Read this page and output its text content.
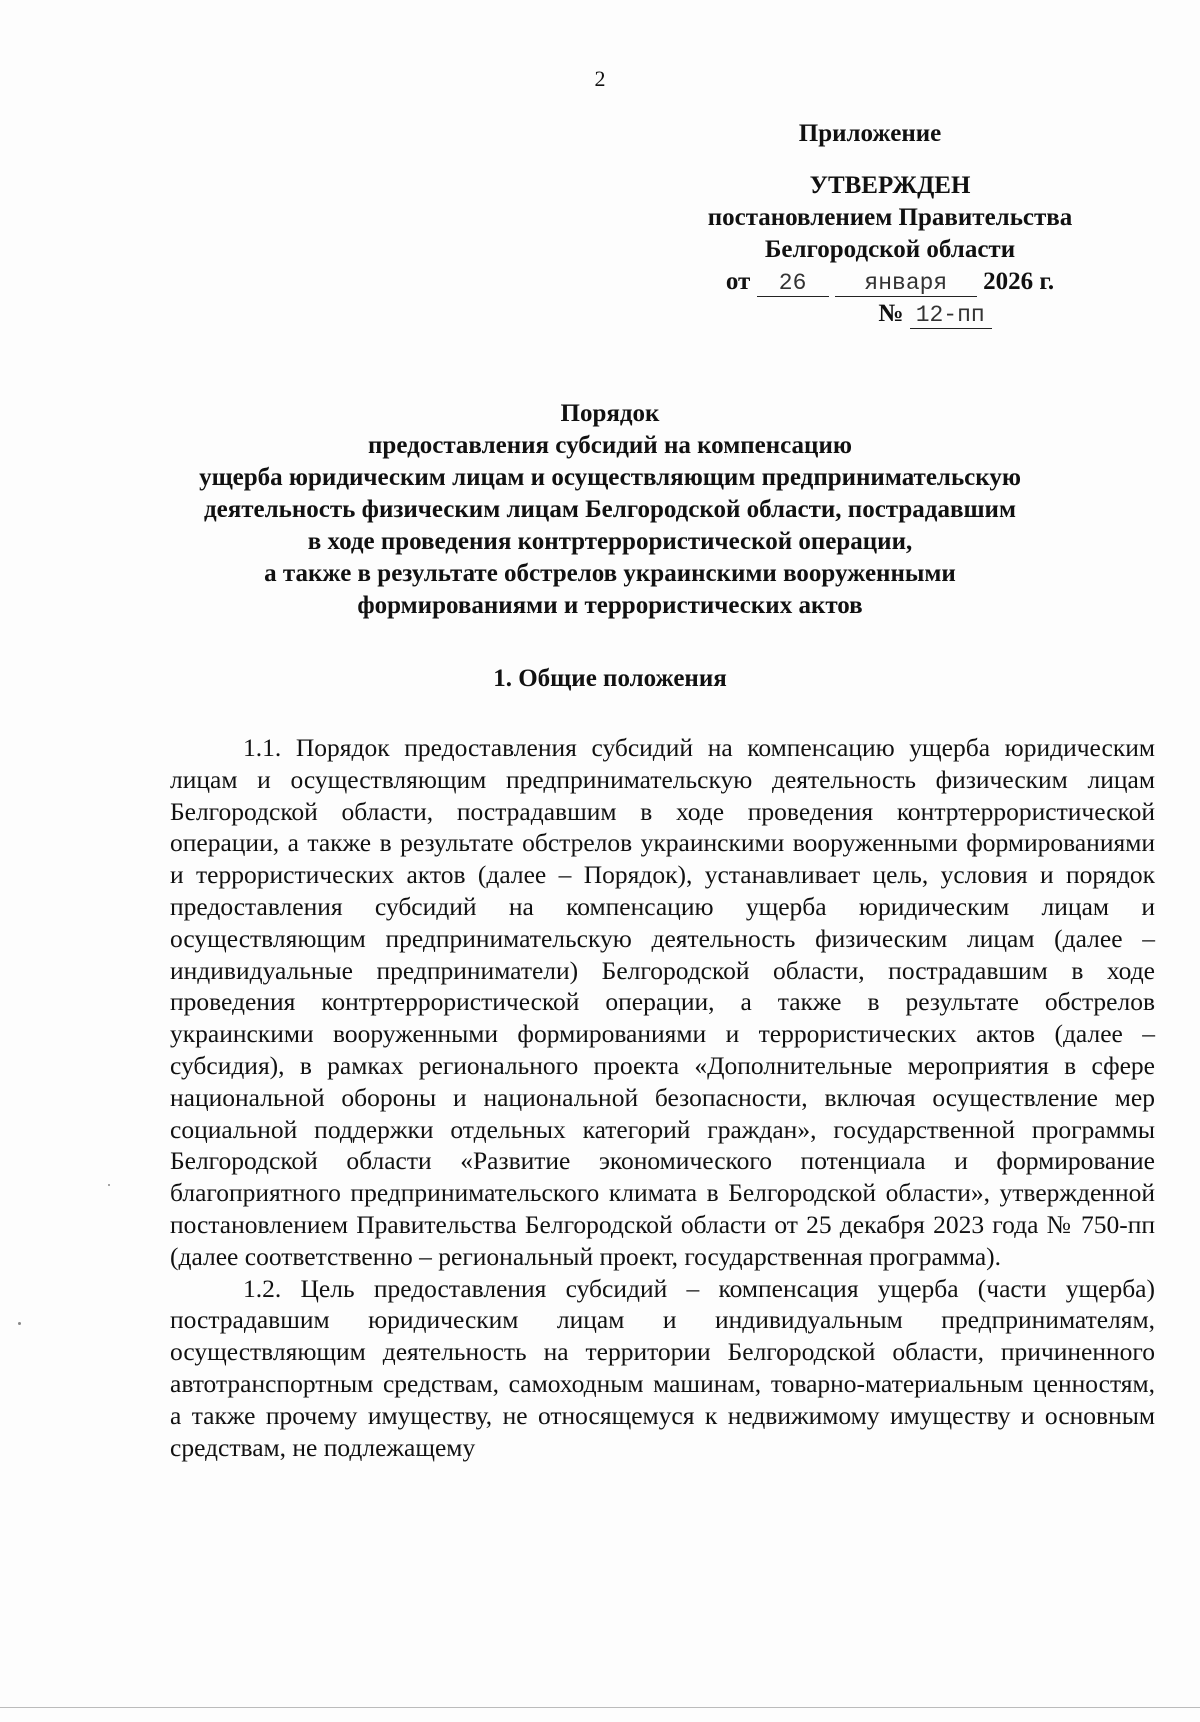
2
Приложение
УТВЕРЖДЕН
постановлением Правительства
Белгородской области
от 26	января 2026 г.
№ 12-пп
Порядок
предоставления субсидий на компенсацию
ущерба юридическим лицам и осуществляющим предпринимательскую
деятельность физическим лицам Белгородской области, пострадавшим
в ходе проведения контртеррористической операции,
а также в результате обстрелов украинскими вооруженными
формированиями и террористических актов
1. Общие положения

1.1. Порядок предоставления субсидий на компенсацию ущерба юридическим лицам и осуществляющим предпринимательскую деятельность физическим лицам Белгородской области, пострадавшим в ходе проведения контртеррористической операции, а также в результате обстрелов украинскими вооруженными формированиями и террористических актов (далее – Порядок), устанавливает цель, условия и порядок предоставления субсидий на компенсацию ущерба юридическим лицам и осуществляющим предпринимательскую деятельность физическим лицам (далее – индивидуальные предприниматели) Белгородской области, пострадавшим в ходе проведения контртеррористической операции, а также в результате обстрелов украинскими вооруженными формированиями и террористических актов (далее – субсидия), в рамках регионального проекта «Дополнительные мероприятия в сфере национальной обороны и национальной безопасности, включая осуществление мер социальной поддержки отдельных категорий граждан», государственной программы Белгородской области «Развитие экономического потенциала и формирование благоприятного предпринимательского климата в Белгородской области», утвержденной постановлением Правительства Белгородской области от 25 декабря 2023 года № 750-пп (далее соответственно – региональный проект, государственная программа).

1.2. Цель предоставления субсидий – компенсация ущерба (части ущерба) пострадавшим юридическим лицам и индивидуальным предпринимателям, осуществляющим деятельность на территории Белгородской области, причиненного автотранспортным средствам, самоходным машинам, товарно-материальным ценностям, а также прочему имуществу, не относящемуся к недвижимому имуществу и основным средствам, не подлежащему
